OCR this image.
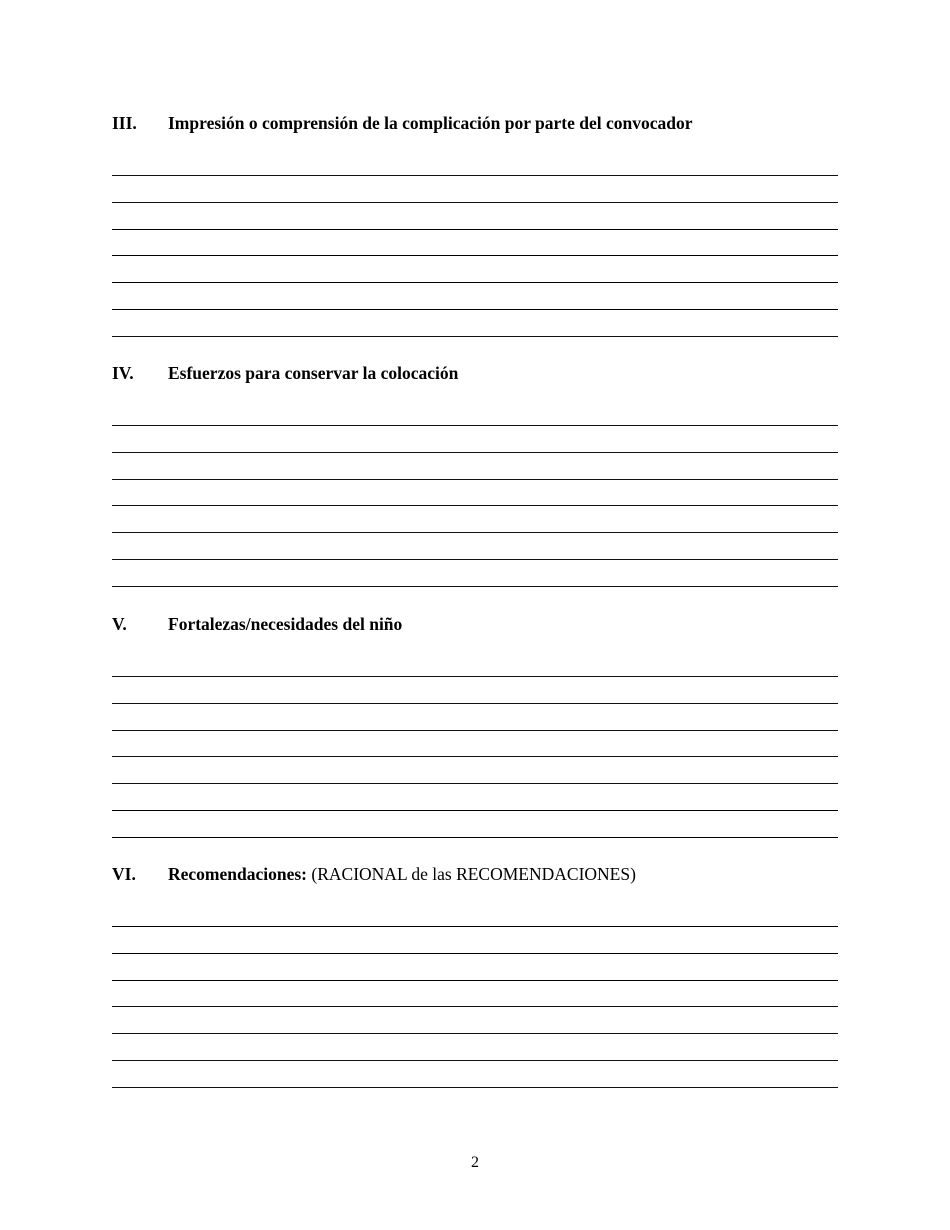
III. Impresión o comprensión de la complicación por parte del convocador
IV. Esfuerzos para conservar la colocación
V. Fortalezas/necesidades del niño
VI. Recomendaciones: (RACIONAL de las RECOMENDACIONES)
2
